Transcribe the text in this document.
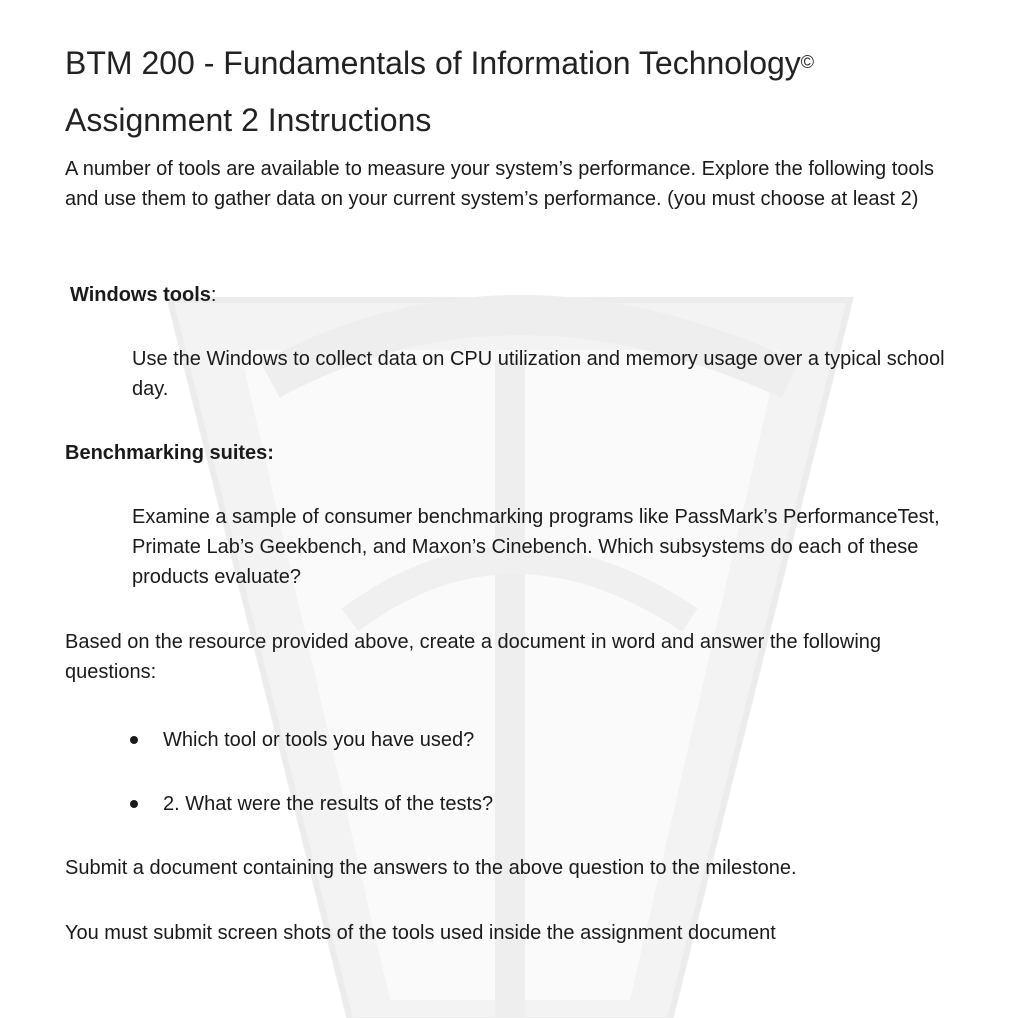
BTM 200 - Fundamentals of Information Technology©
Assignment 2 Instructions

A number of tools are available to measure your system’s performance. Explore the following tools and use them to gather data on your current system’s performance. (you must choose at least 2)

Windows tools:

Use the Windows to collect data on CPU utilization and memory usage over a typical school day.

Benchmarking suites:

Examine a sample of consumer benchmarking programs like PassMark’s PerformanceTest, Primate Lab’s Geekbench, and Maxon’s Cinebench. Which subsystems do each of these products evaluate?

Based on the resource provided above, create a document in word and answer the following questions:

Which tool or tools you have used?
2. What were the results of the tests?

Submit a document containing the answers to the above question to the milestone.

You must submit screen shots of the tools used inside the assignment document
